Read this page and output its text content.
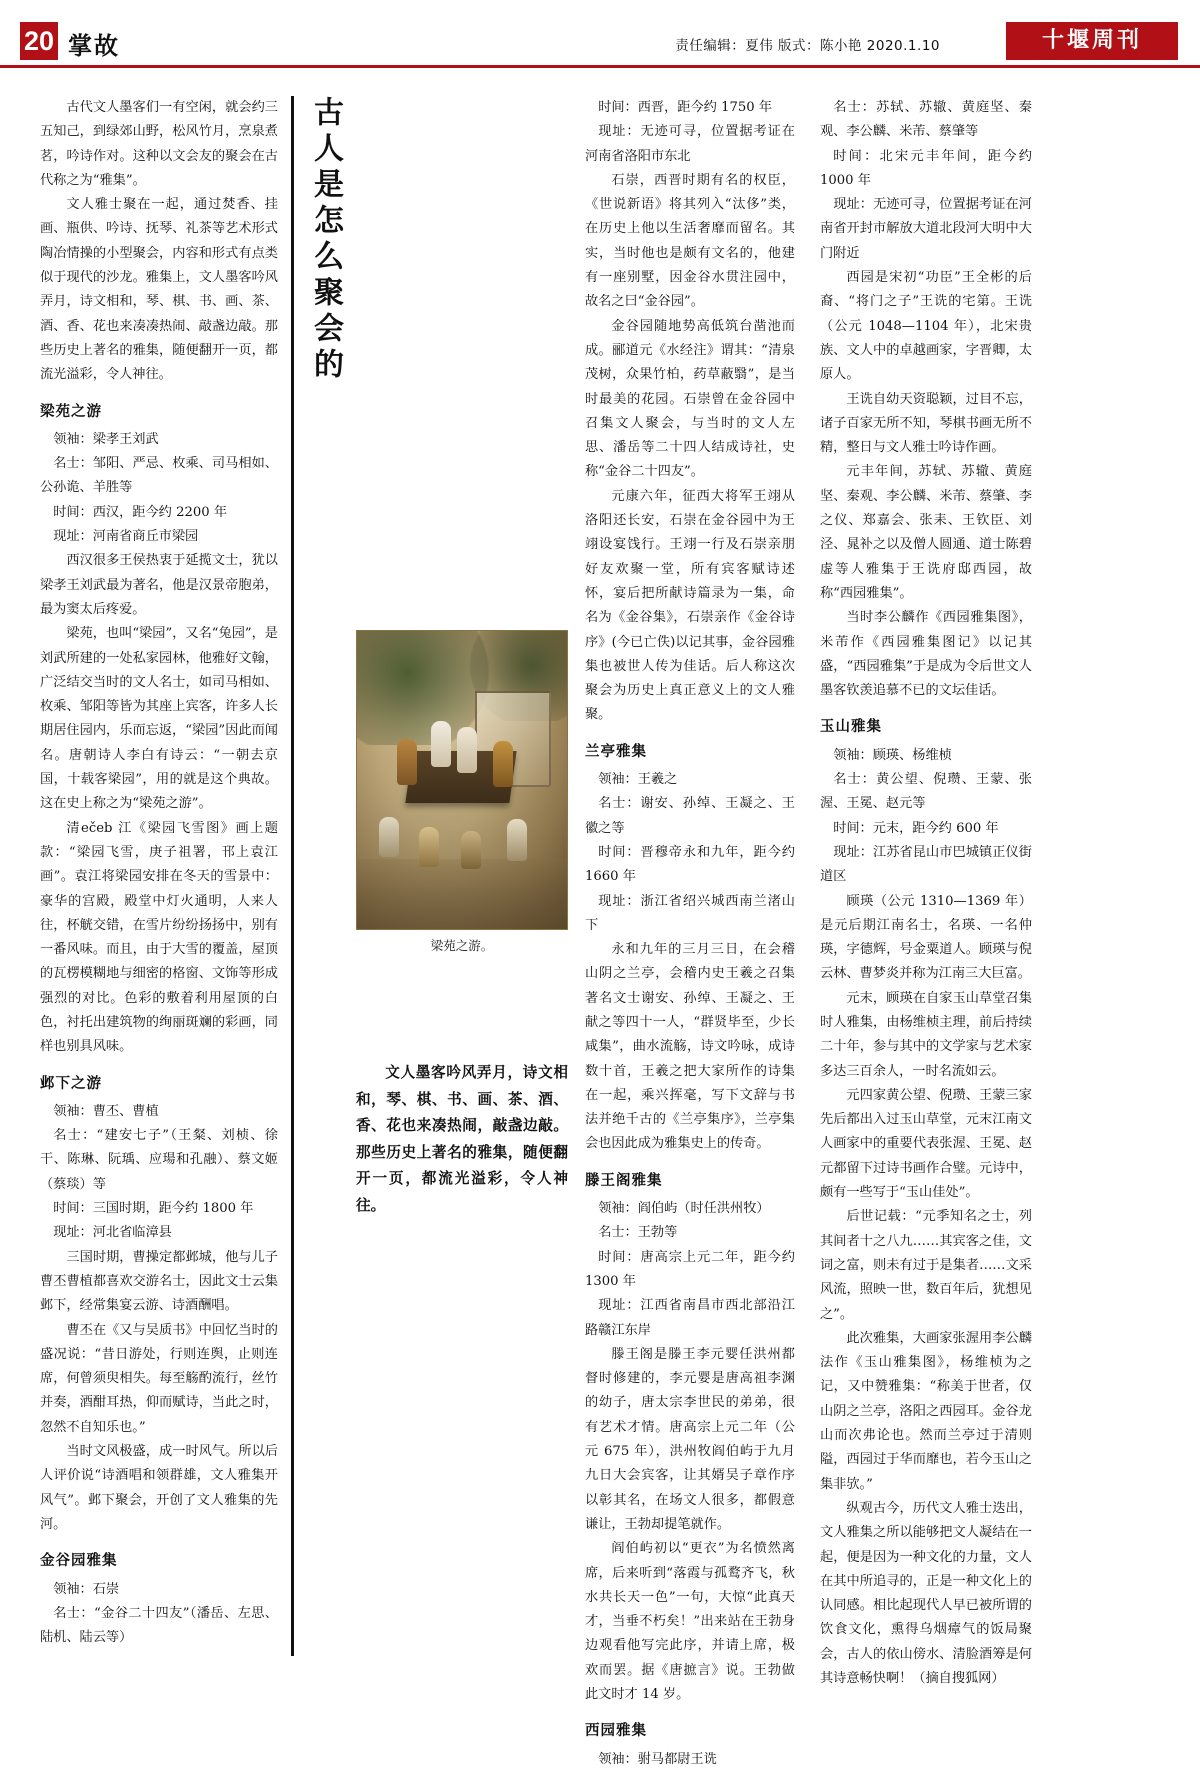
20 掌故	责任编辑：夏伟 版式：陈小艳 2020.1.10	十堰周刊
古人是怎么聚会的

古代文人墨客们一有空闲，就会约三五知己，到绿郊山野，松风竹月，烹泉煮茗，吟诗作对。这种以文会友的聚会在古代称之为“雅集”。

文人雅士聚在一起，通过焚香、挂画、瓶供、吟诗、抚琴、礼茶等艺术形式陶冶情操的小型聚会，内容和形式有点类似于现代的沙龙。雅集上，文人墨客吟风弄月，诗文相和，琴、棋、书、画、茶、酒、香、花也来凑凑热闹、敲盏边敲。那些历史上著名的雅集，随便翻开一页，都流光溢彩，令人神往。

梁苑之游

领袖：梁孝王刘武

名士：邹阳、严忌、枚乘、司马相如、公孙诡、羊胜等

时间：西汉，距今约 2200 年

现址：河南省商丘市梁园

西汉很多王侯热衷于延揽文士，犹以梁孝王刘武最为著名，他是汉景帝胞弟，最为窦太后疼爱。

梁苑，也叫“梁园”，又名“兔园”，是刘武所建的一处私家园林，他雅好文翰，广泛结交当时的文人名士，如司马相如、枚乘、邹阳等皆为其座上宾客，许多人长期居住园内，乐而忘返，“梁园”因此而闻名。唐朝诗人李白有诗云：“一朝去京国，十载客梁园”，用的就是这个典故。这在史上称之为“梁苑之游”。

清ečeb 江《梁园飞雪图》画上题款：“梁园飞雪，庚子祖署，邗上袁江画”。袁江将梁园安排在冬天的雪景中：豪华的宫殿，殿堂中灯火通明，人来人往，杯觥交错，在雪片纷纷扬扬中，别有一番风味。而且，由于大雪的覆盖，屋顶的瓦楞模糊地与细密的格窗、文饰等形成强烈的对比。色彩的敷着利用屋顶的白色，衬托出建筑物的绚丽斑斓的彩画，同样也别具风味。

邺下之游

领袖：曹丕、曹植

名士：“建安七子”（王粲、刘桢、徐干、陈琳、阮瑀、应瑒和孔融）、蔡文姬（蔡琰）等

时间：三国时期，距今约 1800 年

现址：河北省临漳县

三国时期，曹操定都邺城，他与儿子曹丕曹植都喜欢交游名士，因此文士云集邺下，经常集宴云游、诗酒酬唱。

曹丕在《又与吴质书》中回忆当时的盛况说：“昔日游处，行则连舆，止则连席，何曾须臾相失。每至觞酌流行，丝竹并奏，酒酣耳热，仰而赋诗，当此之时，忽然不自知乐也。”

当时文风极盛，成一时风气。所以后人评价说“诗酒唱和领群雄，文人雅集开风气”。邺下聚会，开创了文人雅集的先河。

金谷园雅集

领袖：石崇

名士：“金谷二十四友”（潘岳、左思、陆机、陆云等）

梁苑之游。
文人墨客吟风弄月，诗文相和，琴、棋、书、画、茶、酒、香、花也来凑热闹，敲盏边敲。那些历史上著名的雅集，随便翻开一页，都流光溢彩，令人神往。

时间：西晋，距今约 1750 年

现址：无迹可寻，位置据考证在河南省洛阳市东北

石崇，西晋时期有名的权臣，《世说新语》将其列入“汰侈”类，在历史上他以生活奢靡而留名。其实，当时他也是颇有文名的，他建有一座别墅，因金谷水贯注园中，故名之曰“金谷园”。

金谷园随地势高低筑台凿池而成。郦道元《水经注》谓其：“清泉茂树，众果竹柏，药草蔽翳”，是当时最美的花园。石崇曾在金谷园中召集文人聚会，与当时的文人左思、潘岳等二十四人结成诗社，史称“金谷二十四友”。

元康六年，征西大将军王翊从洛阳还长安，石崇在金谷园中为王翊设宴饯行。王翊一行及石崇亲朋好友欢聚一堂，所有宾客赋诗述怀，宴后把所献诗篇录为一集，命名为《金谷集》，石崇亲作《金谷诗序》(今已亡佚)以记其事，金谷园雅集也被世人传为佳话。后人称这次聚会为历史上真正意义上的文人雅聚。

兰亭雅集

领袖：王羲之

名士：谢安、孙绰、王凝之、王徽之等

时间：晋穆帝永和九年，距今约 1660 年

现址：浙江省绍兴城西南兰渚山下

永和九年的三月三日，在会稽山阴之兰亭，会稽内史王羲之召集著名文士谢安、孙绰、王凝之、王献之等四十一人，“群贤毕至，少长咸集”，曲水流觞，诗文吟咏，成诗数十首，王羲之把大家所作的诗集在一起，乘兴挥毫，写下文辞与书法并绝千古的《兰亭集序》，兰亭集会也因此成为雅集史上的传奇。

滕王阁雅集

领袖：阎伯屿（时任洪州牧）

名士：王勃等

时间：唐高宗上元二年，距今约 1300 年

现址：江西省南昌市西北部沿江路赣江东岸

滕王阁是滕王李元婴任洪州都督时修建的，李元婴是唐高祖李渊的幼子，唐太宗李世民的弟弟，很有艺术才情。唐高宗上元二年（公元 675 年），洪州牧阎伯屿于九月九日大会宾客，让其婿吴子章作序以彰其名，在场文人很多，都假意谦让，王勃却提笔就作。

阎伯屿初以“更衣”为名愤然离席，后来听到“落霞与孤鹜齐飞，秋水共长天一色”一句，大惊“此真天才，当垂不朽矣！”出来站在王勃身边观看他写完此序，并请上席，极欢而罢。据《唐摭言》说。王勃做此文时才 14 岁。

西园雅集

领袖：驸马都尉王诜

名士：苏轼、苏辙、黄庭坚、秦观、李公麟、米芾、蔡肇等

时间：北宋元丰年间，距今约 1000 年

现址：无迹可寻，位置据考证在河南省开封市解放大道北段河大明中大门附近

西园是宋初“功臣”王全彬的后裔、“将门之子”王诜的宅第。王诜（公元 1048—1104 年），北宋贵族、文人中的卓越画家，字晋卿，太原人。

王诜自幼天资聪颖，过目不忘，诸子百家无所不知，琴棋书画无所不精，整日与文人雅士吟诗作画。

元丰年间，苏轼、苏辙、黄庭坚、秦观、李公麟、米芾、蔡肇、李之仪、郑嘉会、张耒、王钦臣、刘泾、晁补之以及僧人圆通、道士陈碧虚等人雅集于王诜府邸西园，故称“西园雅集”。

当时李公麟作《西园雅集图》，米芾作《西园雅集图记》以记其盛，“西园雅集”于是成为令后世文人墨客钦羡追慕不已的文坛佳话。

玉山雅集

领袖：顾瑛、杨维桢

名士：黄公望、倪瓒、王蒙、张渥、王冕、赵元等

时间：元末，距今约 600 年

现址：江苏省昆山市巴城镇正仪街道区

顾瑛（公元 1310—1369 年）是元后期江南名士，名瑛、一名仲瑛，字德辉，号金粟道人。顾瑛与倪云林、曹梦炎并称为江南三大巨富。

元末，顾瑛在自家玉山草堂召集时人雅集，由杨维桢主理，前后持续二十年，参与其中的文学家与艺术家多达三百余人，一时名流如云。

元四家黄公望、倪瓒、王蒙三家先后都出入过玉山草堂，元末江南文人画家中的重要代表张渥、王冕、赵元都留下过诗书画作合璧。元诗中，颇有一些写于“玉山佳处”。

后世记载：“元季知名之士，列其间者十之八九……其宾客之佳，文词之富，则未有过于是集者……文采风流，照映一世，数百年后，犹想见之”。

此次雅集，大画家张渥用李公麟法作《玉山雅集图》，杨维桢为之记，又中赞雅集：“称美于世者，仅山阴之兰亭，洛阳之西园耳。金谷龙山而次弗论也。然而兰亭过于清则隘，西园过于华而靡也，若今玉山之集非欤。”

纵观古今，历代文人雅士迭出，文人雅集之所以能够把文人凝结在一起，便是因为一种文化的力量，文人在其中所追寻的，正是一种文化上的认同感。相比起现代人早已被所谓的饮食文化，熏得乌烟瘴气的饭局聚会，古人的依山傍水、清脸酒筹是何其诗意畅快啊！（摘自搜狐网）
